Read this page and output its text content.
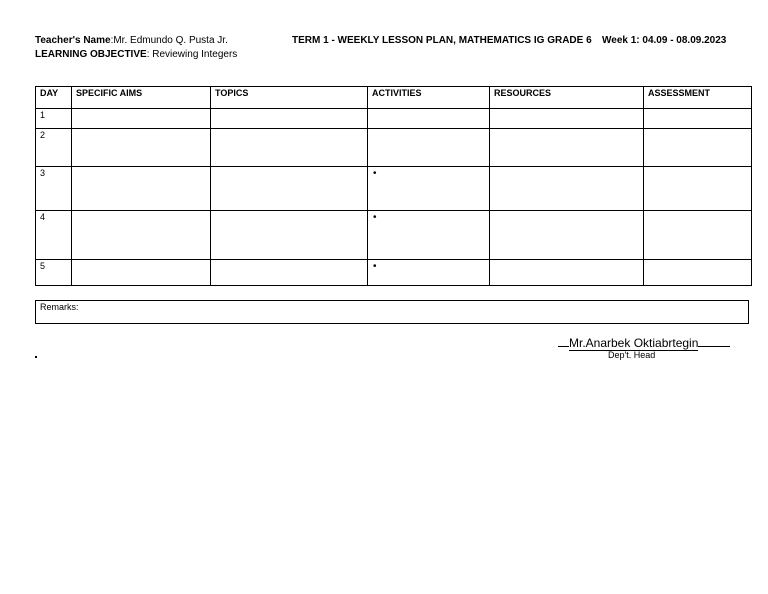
Teacher's Name:Mr. Edmundo Q. Pusta Jr.
LEARNING OBJECTIVE: Reviewing Integers
TERM 1 - WEEKLY LESSON PLAN, MATHEMATICS IG GRADE 6 Week 1: 04.09 - 08.09.2023
DAY	SPECIFIC AIMS	TOPICS	ACTIVITIES	RESOURCES	ASSESSMENT
1					
2					
3			•		
4			•		
5			•		
Remarks:
Mr.Anarbek Oktiabrtegin
Dep't. Head
